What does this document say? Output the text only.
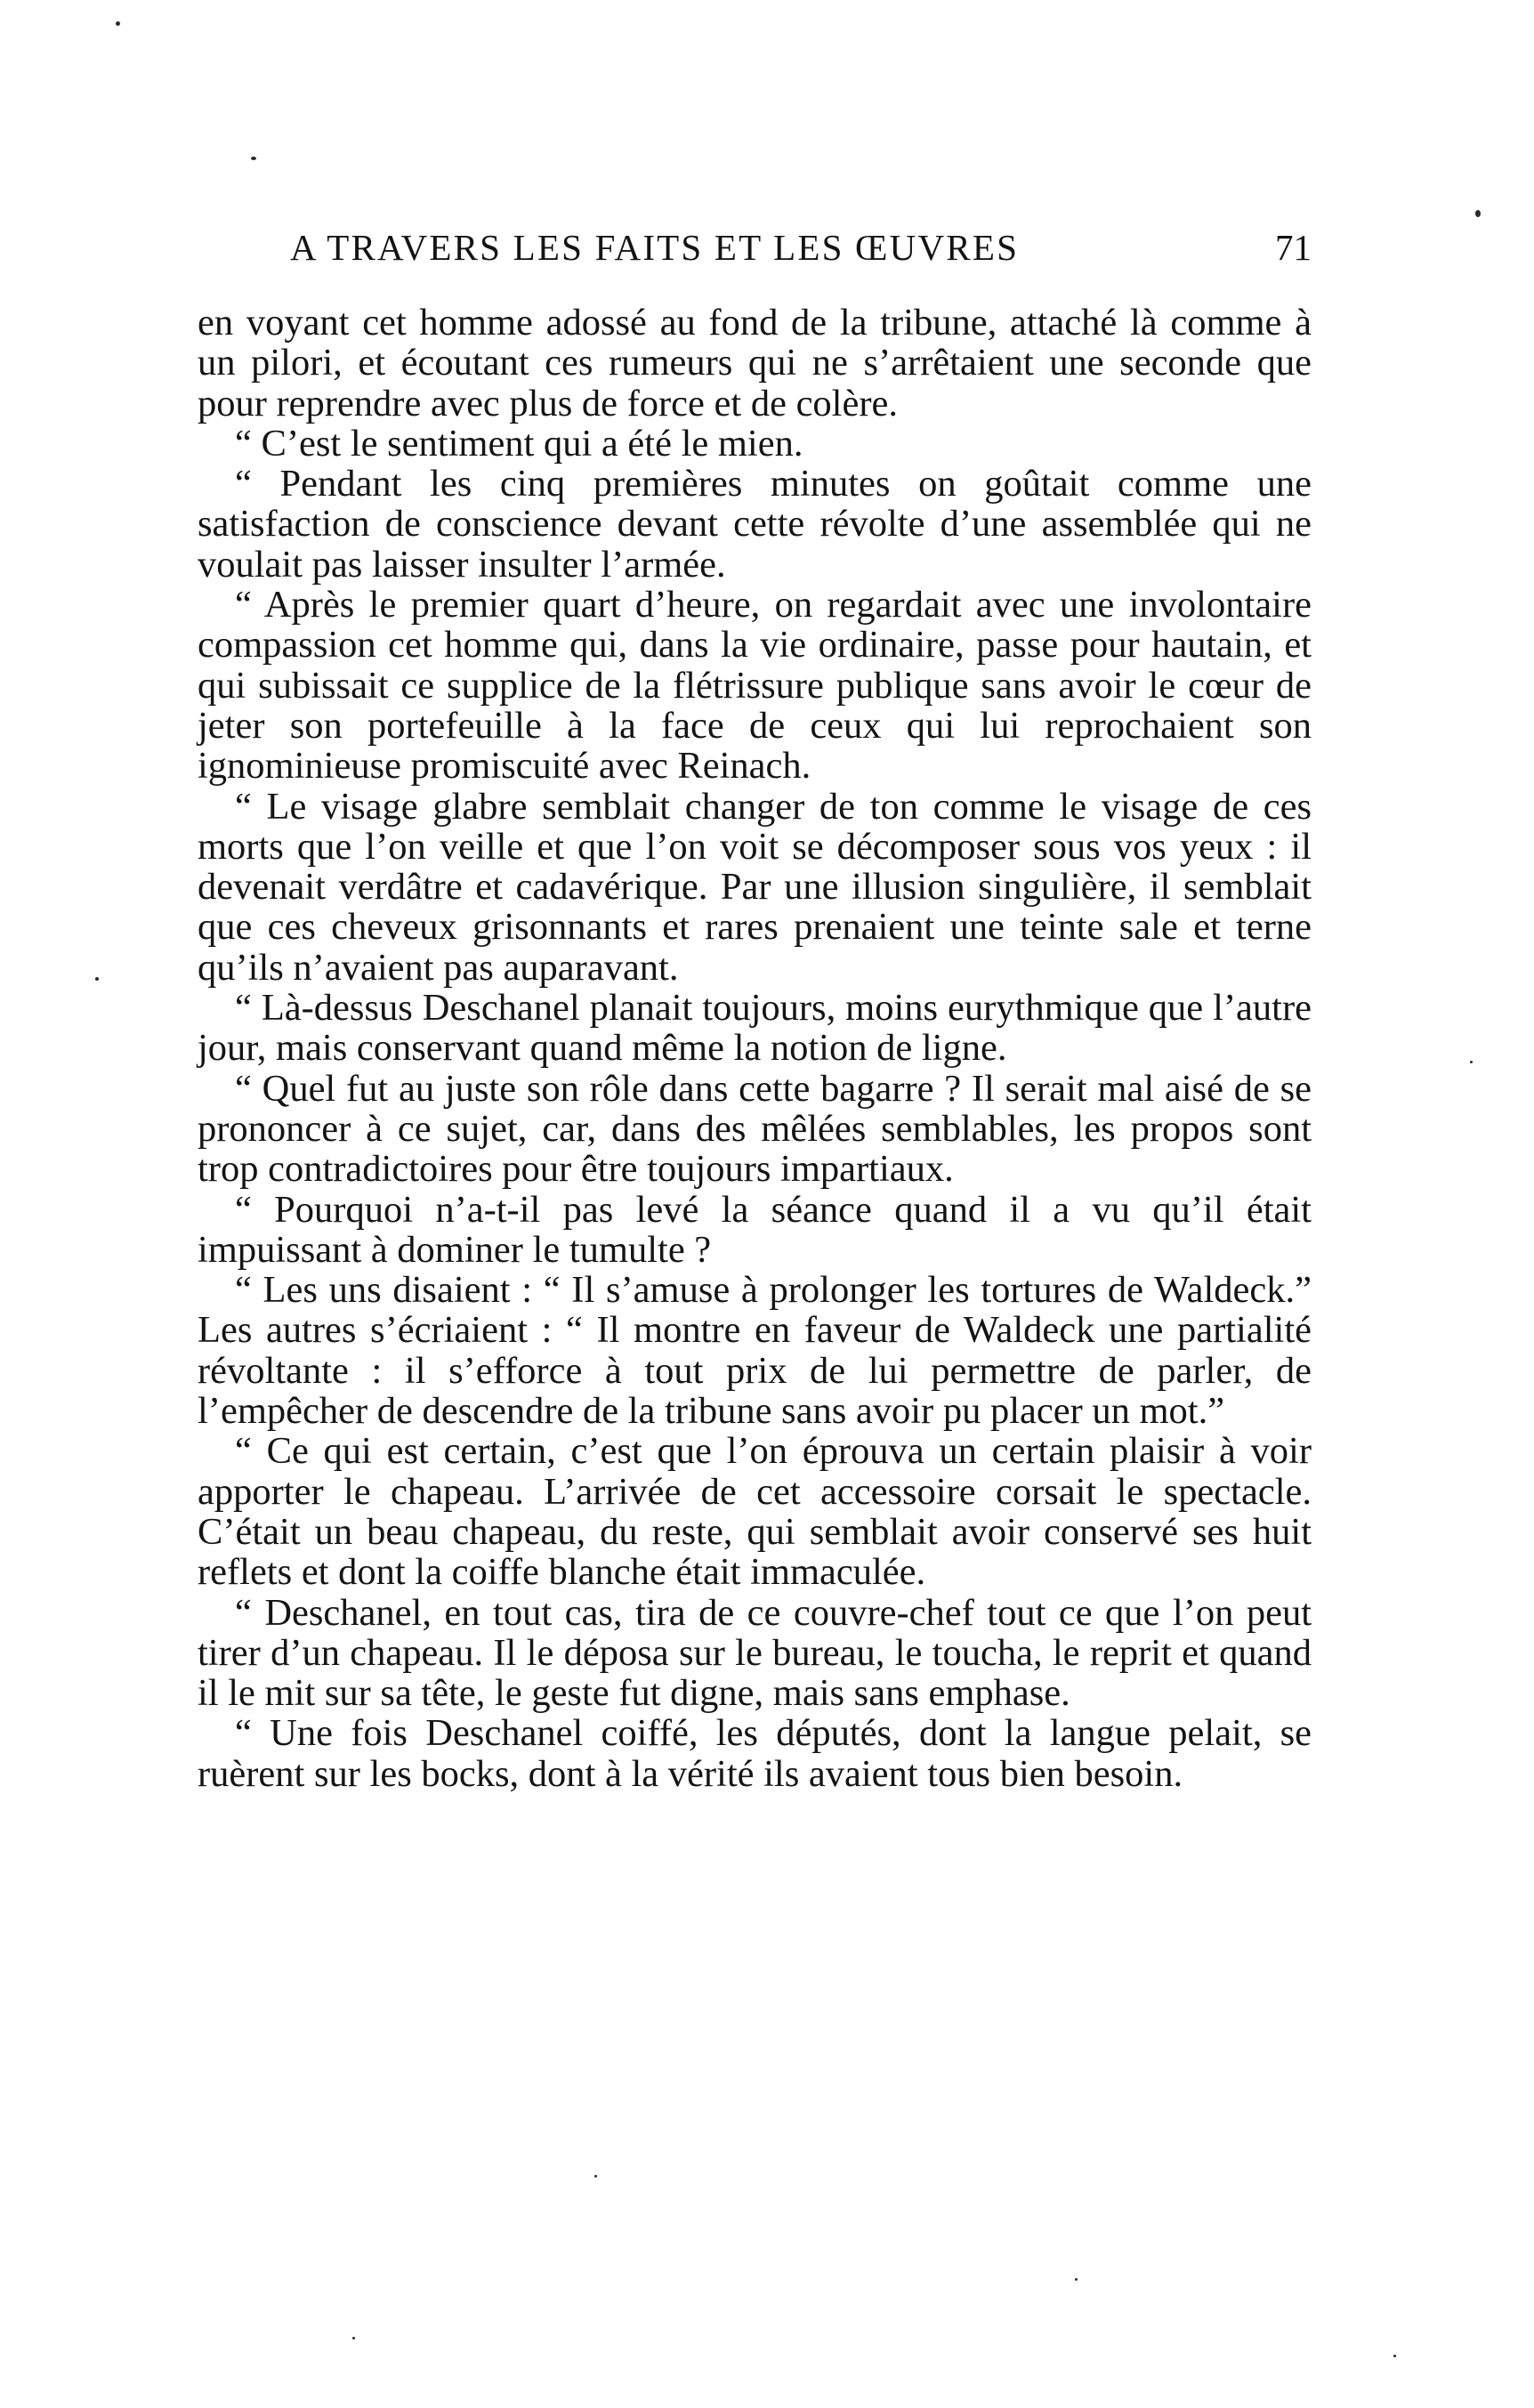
A TRAVERS LES FAITS ET LES ŒUVRES	71

en voyant cet homme adossé au fond de la tribune, attaché là comme à un pilori, et écoutant ces rumeurs qui ne s’arrêtaient une seconde que pour reprendre avec plus de force et de colère.

“ C’est le sentiment qui a été le mien.

“ Pendant les cinq premières minutes on goûtait comme une satisfaction de conscience devant cette révolte d’une assemblée qui ne voulait pas laisser insulter l’armée.

“ Après le premier quart d’heure, on regardait avec une involontaire compassion cet homme qui, dans la vie ordinaire, passe pour hautain, et qui subissait ce supplice de la flétrissure publique sans avoir le cœur de jeter son portefeuille à la face de ceux qui lui reprochaient son ignominieuse promiscuité avec Reinach.

“ Le visage glabre semblait changer de ton comme le visage de ces morts que l’on veille et que l’on voit se décomposer sous vos yeux : il devenait verdâtre et cadavérique. Par une illusion singulière, il semblait que ces cheveux grisonnants et rares prenaient une teinte sale et terne qu’ils n’avaient pas auparavant.

“ Là-dessus Deschanel planait toujours, moins eurythmique que l’autre jour, mais conservant quand même la notion de ligne.

“ Quel fut au juste son rôle dans cette bagarre ? Il serait mal aisé de se prononcer à ce sujet, car, dans des mêlées semblables, les propos sont trop contradictoires pour être toujours impartiaux.

“ Pourquoi n’a-t-il pas levé la séance quand il a vu qu’il était impuissant à dominer le tumulte ?

“ Les uns disaient : “ Il s’amuse à prolonger les tortures de Waldeck.” Les autres s’écriaient : “ Il montre en faveur de Waldeck une partialité révoltante : il s’efforce à tout prix de lui permettre de parler, de l’empêcher de descendre de la tribune sans avoir pu placer un mot.”

“ Ce qui est certain, c’est que l’on éprouva un certain plaisir à voir apporter le chapeau. L’arrivée de cet accessoire corsait le spectacle. C’était un beau chapeau, du reste, qui semblait avoir conservé ses huit reflets et dont la coiffe blanche était immaculée.

“ Deschanel, en tout cas, tira de ce couvre-chef tout ce que l’on peut tirer d’un chapeau. Il le déposa sur le bureau, le toucha, le reprit et quand il le mit sur sa tête, le geste fut digne, mais sans emphase.

“ Une fois Deschanel coiffé, les députés, dont la langue pelait, se ruèrent sur les bocks, dont à la vérité ils avaient tous bien besoin.
